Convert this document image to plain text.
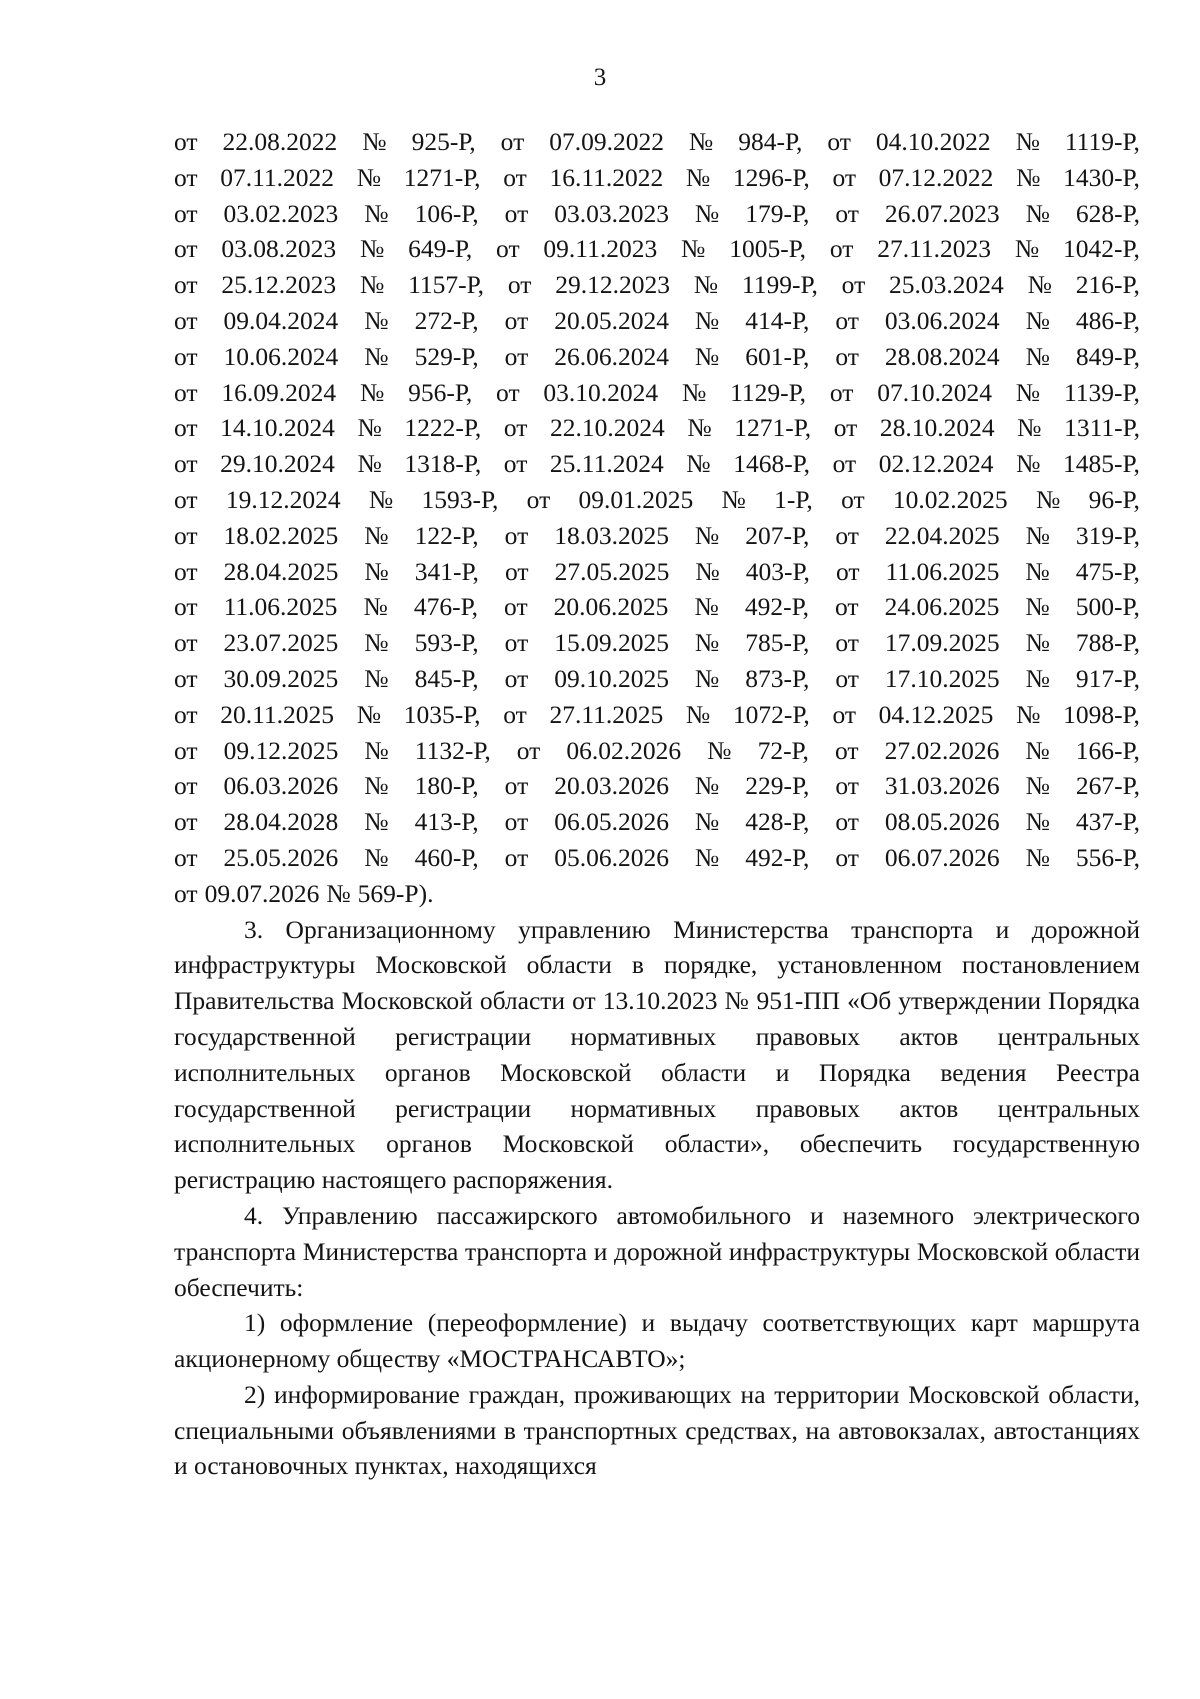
3
от 22.08.2022 № 925-Р, от 07.09.2022 № 984-Р, от 04.10.2022 № 1119-Р,
от 07.11.2022 № 1271-Р, от 16.11.2022 № 1296-Р, от 07.12.2022 № 1430-Р,
от 03.02.2023 № 106-Р, от 03.03.2023 № 179-Р, от 26.07.2023 № 628-Р,
от 03.08.2023 № 649-Р, от 09.11.2023 № 1005-Р, от 27.11.2023 № 1042-Р,
от 25.12.2023 № 1157-Р, от 29.12.2023 № 1199-Р, от 25.03.2024 № 216-Р,
от 09.04.2024 № 272-Р, от 20.05.2024 № 414-Р, от 03.06.2024 № 486-Р,
от 10.06.2024 № 529-Р, от 26.06.2024 № 601-Р, от 28.08.2024 № 849-Р,
от 16.09.2024 № 956-Р, от 03.10.2024 № 1129-Р, от 07.10.2024 № 1139-Р,
от 14.10.2024 № 1222-Р, от 22.10.2024 № 1271-Р, от 28.10.2024 № 1311-Р,
от 29.10.2024 № 1318-Р, от 25.11.2024 № 1468-Р, от 02.12.2024 № 1485-Р,
от 19.12.2024 № 1593-Р, от 09.01.2025 № 1-Р, от 10.02.2025 № 96-Р,
от 18.02.2025 № 122-Р, от 18.03.2025 № 207-Р, от 22.04.2025 № 319-Р,
от 28.04.2025 № 341-Р, от 27.05.2025 № 403-Р, от 11.06.2025 № 475-Р,
от 11.06.2025 № 476-Р, от 20.06.2025 № 492-Р, от 24.06.2025 № 500-Р,
от 23.07.2025 № 593-Р, от 15.09.2025 № 785-Р, от 17.09.2025 № 788-Р,
от 30.09.2025 № 845-Р, от 09.10.2025 № 873-Р, от 17.10.2025 № 917-Р,
от 20.11.2025 № 1035-Р, от 27.11.2025 № 1072-Р, от 04.12.2025 № 1098-Р,
от 09.12.2025 № 1132-Р, от 06.02.2026 № 72-Р, от 27.02.2026 № 166-Р,
от 06.03.2026 № 180-Р, от 20.03.2026 № 229-Р, от 31.03.2026 № 267-Р,
от 28.04.2028 № 413-Р, от 06.05.2026 № 428-Р, от 08.05.2026 № 437-Р,
от 25.05.2026 № 460-Р, от 05.06.2026 № 492-Р, от 06.07.2026 № 556-Р,
от 09.07.2026 № 569-Р).

3. Организационному управлению Министерства транспорта и дорожной инфраструктуры Московской области в порядке, установленном постановлением Правительства Московской области от 13.10.2023 № 951-ПП «Об утверждении Порядка государственной регистрации нормативных правовых актов центральных исполнительных органов Московской области и Порядка ведения Реестра государственной регистрации нормативных правовых актов центральных исполнительных органов Московской области», обеспечить государственную регистрацию настоящего распоряжения.

4. Управлению пассажирского автомобильного и наземного электрического транспорта Министерства транспорта и дорожной инфраструктуры Московской области обеспечить:

1) оформление (переоформление) и выдачу соответствующих карт маршрута акционерному обществу «МОСТРАНСАВТО»;

2) информирование граждан, проживающих на территории Московской области, специальными объявлениями в транспортных средствах, на автовокзалах, автостанциях и остановочных пунктах, находящихся
